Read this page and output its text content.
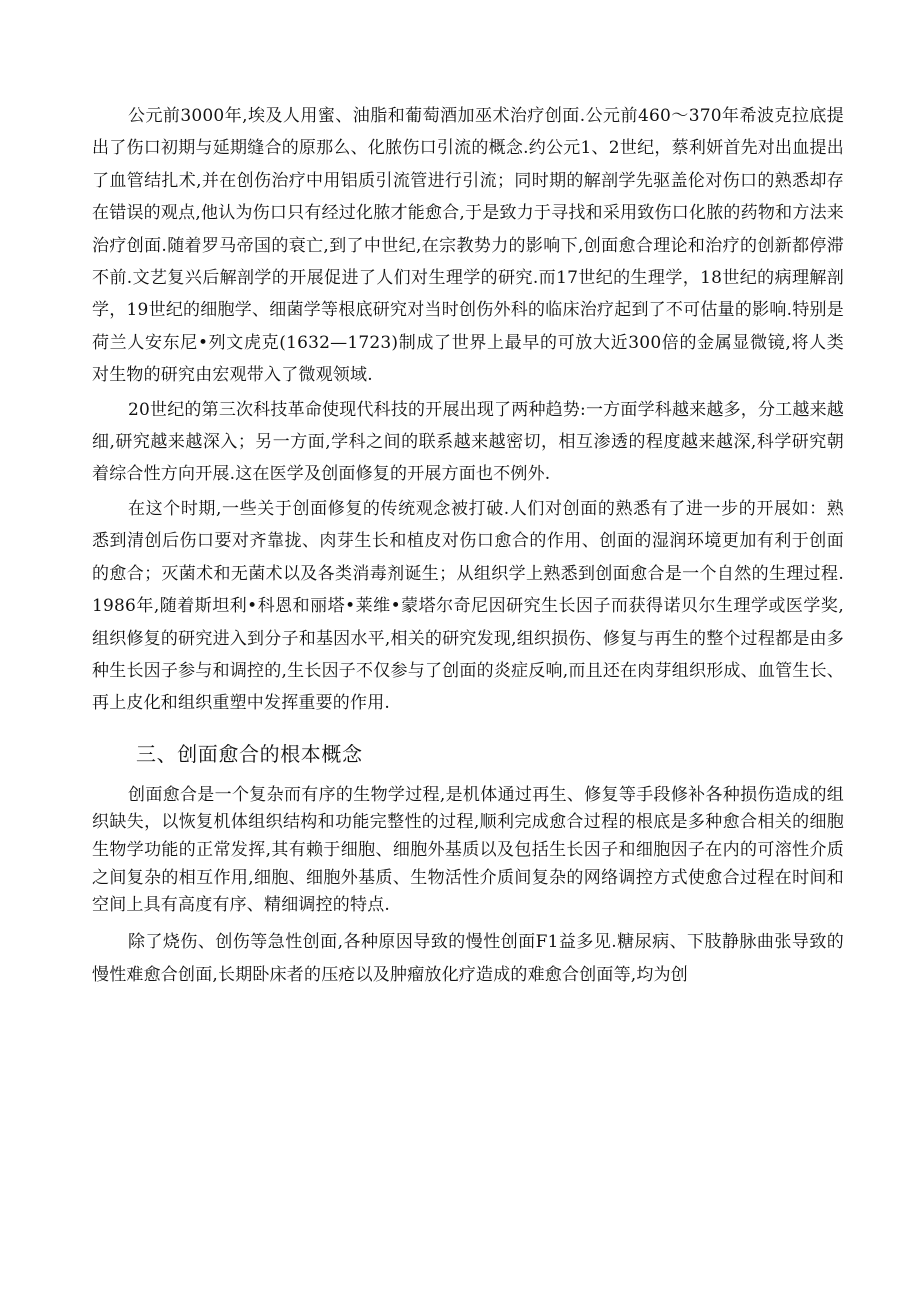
公元前3000年,埃及人用蜜、油脂和葡萄酒加巫术治疗创面.公元前460～370年希波克拉底提出了伤口初期与延期缝合的原那么、化脓伤口引流的概念.约公元1、2世纪，蔡利妍首先对出血提出了血管结扎术,并在创伤治疗中用铝质引流管进行引流；同时期的解剖学先驱盖伦对伤口的熟悉却存在错误的观点,他认为伤口只有经过化脓才能愈合,于是致力于寻找和采用致伤口化脓的药物和方法来治疗创面.随着罗马帝国的衰亡,到了中世纪,在宗教势力的影响下,创面愈合理论和治疗的创新都停滞不前.文艺复兴后解剖学的开展促进了人们对生理学的研究.而17世纪的生理学，18世纪的病理解剖学，19世纪的细胞学、细菌学等根底研究对当时创伤外科的临床治疗起到了不可估量的影响.特别是荷兰人安东尼•列文虎克(1632—1723)制成了世界上最早的可放大近300倍的金属显微镜,将人类对生物的研究由宏观带入了微观领域.

20世纪的第三次科技革命使现代科技的开展出现了两种趋势:一方面学科越来越多，分工越来越细,研究越来越深入；另一方面,学科之间的联系越来越密切，相互渗透的程度越来越深,科学研究朝着综合性方向开展.这在医学及创面修复的开展方面也不例外.

在这个时期,一些关于创面修复的传统观念被打破.人们对创面的熟悉有了进一步的开展如：熟悉到清创后伤口要对齐靠拢、肉芽生长和植皮对伤口愈合的作用、创面的湿润环境更加有利于创面的愈合；灭菌术和无菌术以及各类消毒剂诞生；从组织学上熟悉到创面愈合是一个自然的生理过程.1986年,随着斯坦利•科恩和丽塔•莱维•蒙塔尔奇尼因研究生长因子而获得诺贝尔生理学或医学奖,组织修复的研究进入到分子和基因水平,相关的研究发现,组织损伤、修复与再生的整个过程都是由多种生长因子参与和调控的,生长因子不仅参与了创面的炎症反响,而且还在肉芽组织形成、血管生长、再上皮化和组织重塑中发挥重要的作用.

三、创面愈合的根本概念

创面愈合是一个复杂而有序的生物学过程,是机体通过再生、修复等手段修补各种损伤造成的组织缺失，以恢复机体组织结构和功能完整性的过程,顺利完成愈合过程的根底是多种愈合相关的细胞生物学功能的正常发挥,其有赖于细胞、细胞外基质以及包括生长因子和细胞因子在内的可溶性介质之间复杂的相互作用,细胞、细胞外基质、生物活性介质间复杂的网络调控方式使愈合过程在时间和空间上具有高度有序、精细调控的特点.

除了烧伤、创伤等急性创面,各种原因导致的慢性创面F1益多见.糖尿病、下肢静脉曲张导致的慢性难愈合创面,长期卧床者的压疮以及肿瘤放化疗造成的难愈合创面等,均为创
